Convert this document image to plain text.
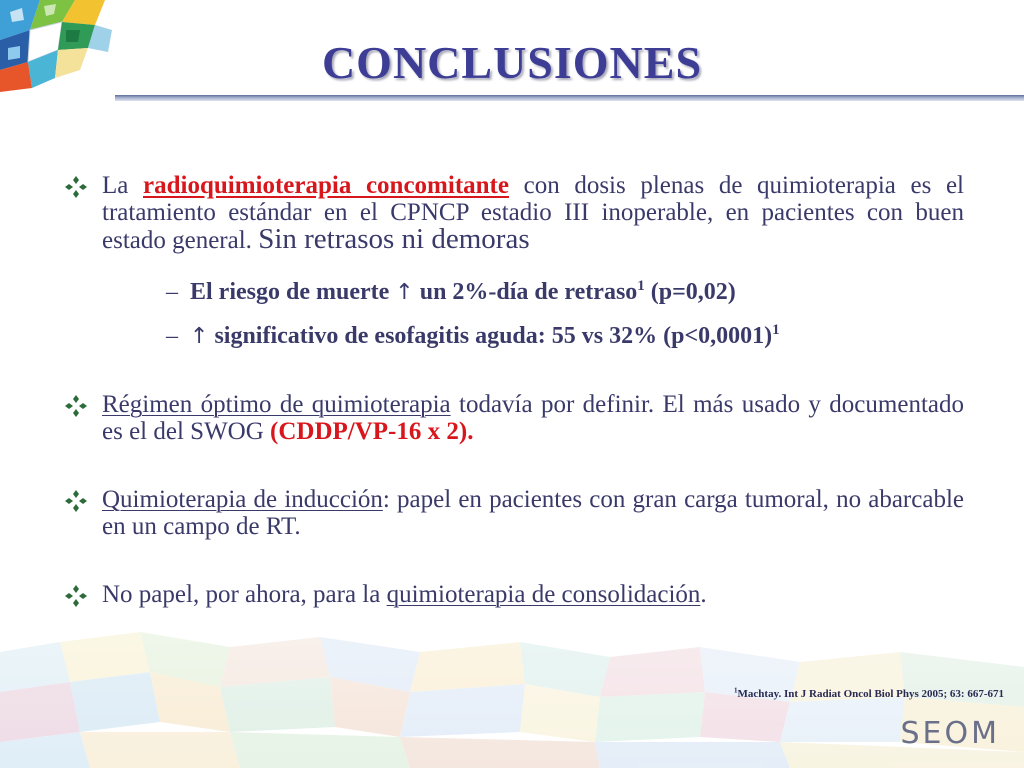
CONCLUSIONES
La radioquimioterapia concomitante con dosis plenas de quimioterapia es el tratamiento estándar en el CPNCP estadio III inoperable, en pacientes con buen estado general. Sin retrasos ni demoras
– El riesgo de muerte ↑ un 2%-día de retraso$^1$ (p=0,02)
– ↑ significativo de esofagitis aguda: 55 vs 32% (p<0,0001)$^1$
Régimen óptimo de quimioterapia todavía por definir. El más usado y documentado es el del SWOG (CDDP/VP-16 x 2).
Quimioterapia de inducción: papel en pacientes con gran carga tumoral, no abarcable en un campo de RT.
No papel, por ahora, para la quimioterapia de consolidación.
$^1$Machtay. Int J Radiat Oncol Biol Phys 2005; 63: 667-671
SEOM
